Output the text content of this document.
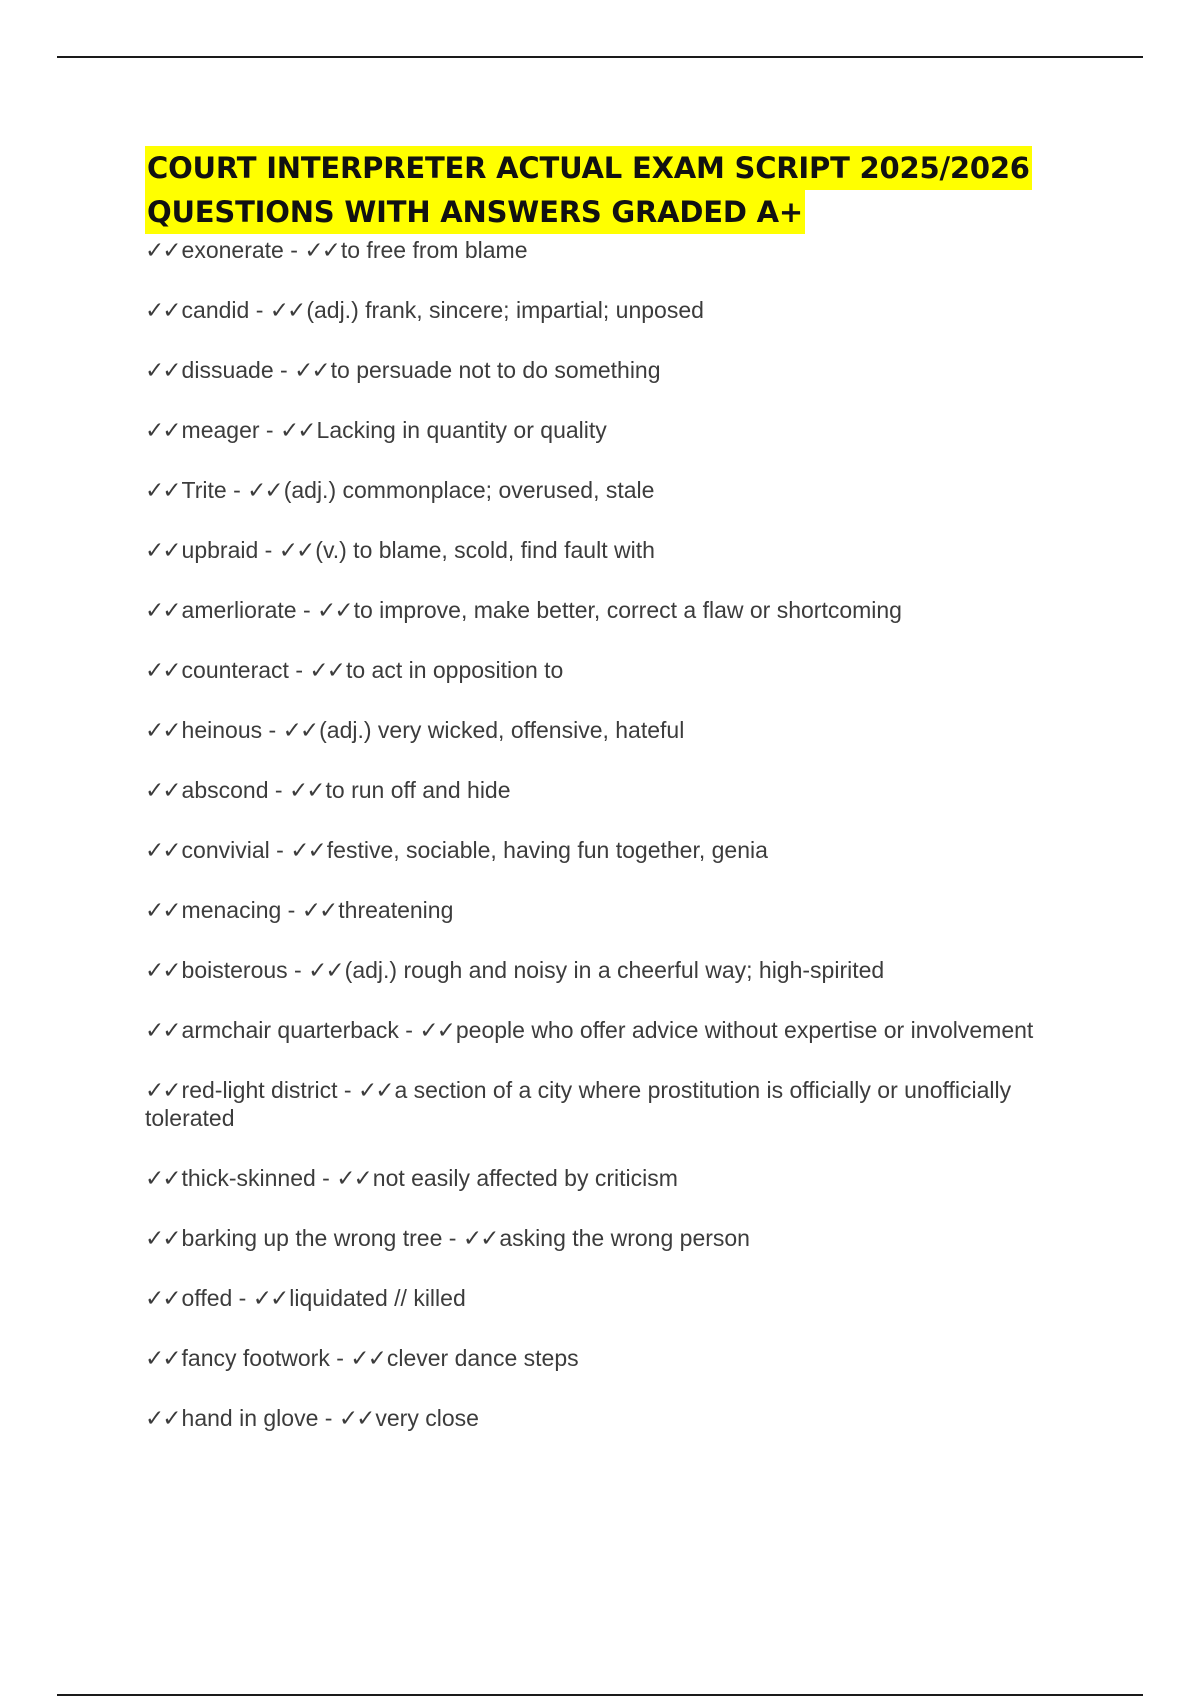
COURT INTERPRETER ACTUAL EXAM SCRIPT 2025/2026
QUESTIONS WITH ANSWERS GRADED A+
✓✓exonerate - ✓✓to free from blame
✓✓candid - ✓✓(adj.) frank, sincere; impartial; unposed
✓✓dissuade - ✓✓to persuade not to do something
✓✓meager - ✓✓Lacking in quantity or quality
✓✓Trite - ✓✓(adj.) commonplace; overused, stale
✓✓upbraid - ✓✓(v.) to blame, scold, find fault with
✓✓amerliorate - ✓✓to improve, make better, correct a flaw or shortcoming
✓✓counteract - ✓✓to act in opposition to
✓✓heinous - ✓✓(adj.) very wicked, offensive, hateful
✓✓abscond - ✓✓to run off and hide
✓✓convivial - ✓✓festive, sociable, having fun together, genia
✓✓menacing - ✓✓threatening
✓✓boisterous - ✓✓(adj.) rough and noisy in a cheerful way; high-spirited
✓✓armchair quarterback - ✓✓people who offer advice without expertise or involvement
✓✓red-light district - ✓✓a section of a city where prostitution is officially or unofficially tolerated
✓✓thick-skinned - ✓✓not easily affected by criticism
✓✓barking up the wrong tree - ✓✓asking the wrong person
✓✓offed - ✓✓liquidated // killed
✓✓fancy footwork - ✓✓clever dance steps
✓✓hand in glove - ✓✓very close
